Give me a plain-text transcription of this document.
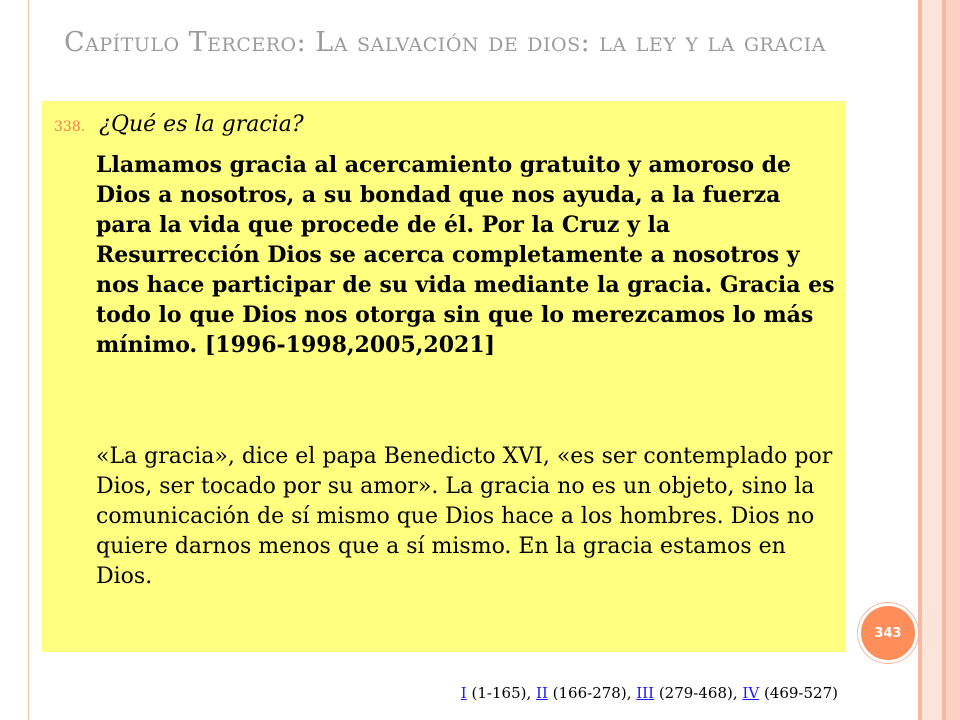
Capítulo Tercero: La salvación de dios: la ley y la gracia
338. ¿Qué es la gracia?

Llamamos gracia al acercamiento gratuito y amoroso de Dios a nosotros, a su bondad que nos ayuda, a la fuerza para la vida que procede de él. Por la Cruz y la Resurrección Dios se acerca completamente a nosotros y nos hace participar de su vida mediante la gracia. Gracia es todo lo que Dios nos otorga sin que lo merezcamos lo más mínimo. [1996-1998,2005,2021]

«La gracia», dice el papa Benedicto XVI, «es ser contemplado por Dios, ser tocado por su amor». La gracia no es un objeto, sino la comunicación de sí mismo que Dios hace a los hombres. Dios no quiere darnos menos que a sí mismo. En la gracia estamos en Dios.

343
I (1-165), II (166-278), III (279-468), IV (469-527)
